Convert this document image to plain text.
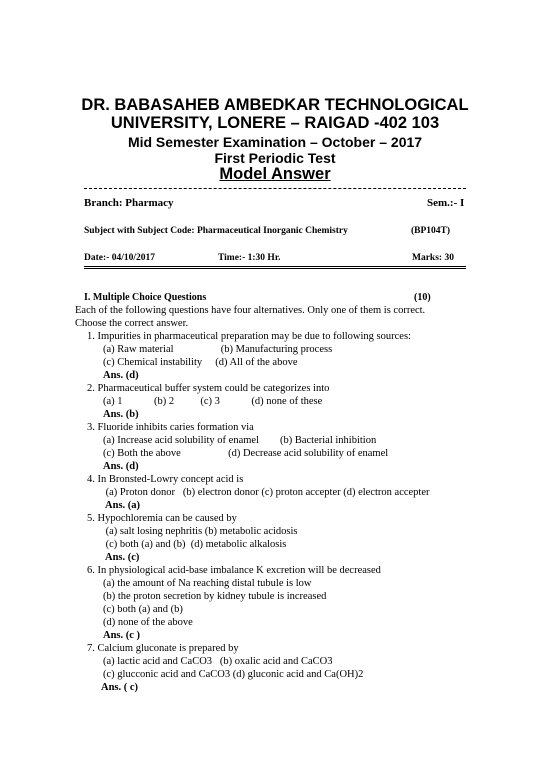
DR. BABASAHEB AMBEDKAR TECHNOLOGICAL
UNIVERSITY, LONERE – RAIGAD -402 103
Mid Semester Examination – October – 2017
First Periodic Test
Model Answer
Branch: Pharmacy	Sem.:- I
Subject with Subject Code: Pharmaceutical Inorganic Chemistry	(BP104T)
Date:- 04/10/2017	Time:- 1:30 Hr.	Marks: 30
I. Multiple Choice Questions	(10)
Each of the following questions have four alternatives. Only one of them is correct.
Choose the correct answer.
1. Impurities in pharmaceutical preparation may be due to following sources:
(a) Raw material                  (b) Manufacturing process
(c) Chemical instability     (d) All of the above
Ans. (d)
2. Pharmaceutical buffer system could be categorizes into
(a) 1            (b) 2          (c) 3            (d) none of these
Ans. (b)
3. Fluoride inhibits caries formation via
(a) Increase acid solubility of enamel        (b) Bacterial inhibition
(c) Both the above                  (d) Decrease acid solubility of enamel
Ans. (d)
4. In Bronsted-Lowry concept acid is
(a) Proton donor   (b) electron donor (c) proton accepter (d) electron accepter
Ans. (a)
5. Hypochloremia can be caused by
(a) salt losing nephritis (b) metabolic acidosis
(c) both (a) and (b)  (d) metabolic alkalosis
Ans. (c)
6. In physiological acid-base imbalance K excretion will be decreased
(a) the amount of Na reaching distal tubule is low
(b) the proton secretion by kidney tubule is increased
(c) both (a) and (b)
(d) none of the above
Ans. (c )
7. Calcium gluconate is prepared by
(a) lactic acid and CaCO3   (b) oxalic acid and CaCO3
(c) glucconic acid and CaCO3 (d) gluconic acid and Ca(OH)2
Ans. ( c)
